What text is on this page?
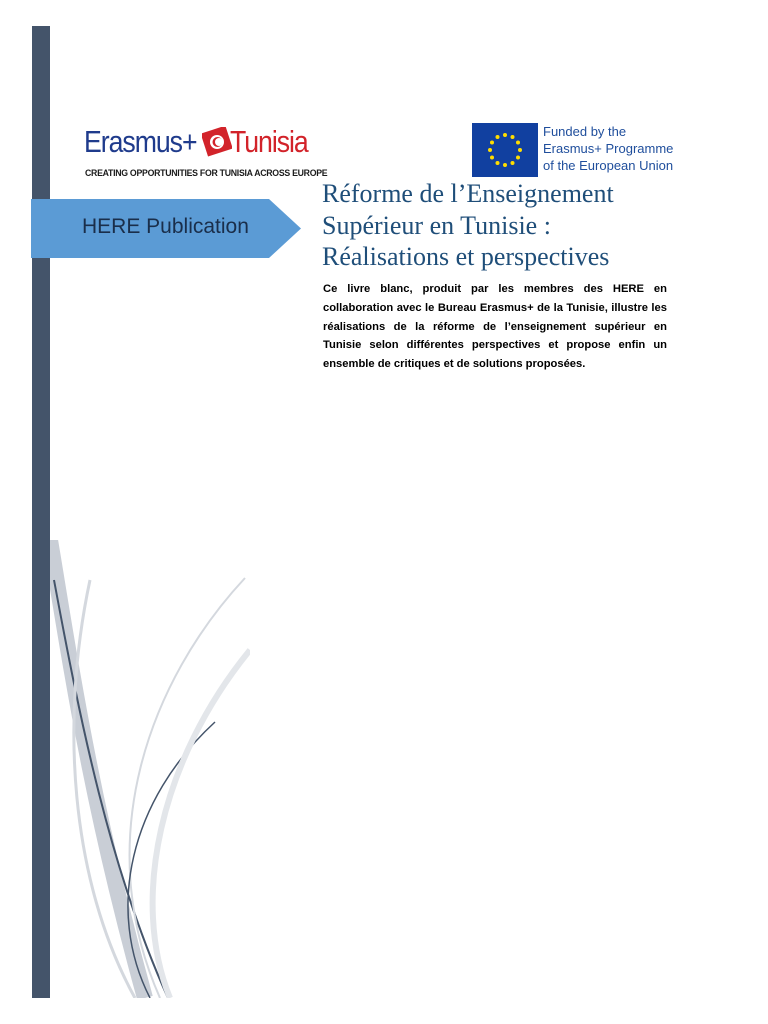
Erasmus+ Tunisia
CREATING OPPORTUNITIES FOR TUNISIA ACROSS EUROPE
Funded by the
Erasmus+ Programme
of the European Union
HERE Publication
Réforme de l’Enseignement
Supérieur en Tunisie :
Réalisations et perspectives

Ce livre blanc, produit par les membres des HERE en collaboration avec le Bureau Erasmus+ de la Tunisie, illustre les réalisations de la réforme de l’enseignement supérieur en Tunisie selon différentes perspectives et propose enfin un ensemble de critiques et de solutions proposées.
